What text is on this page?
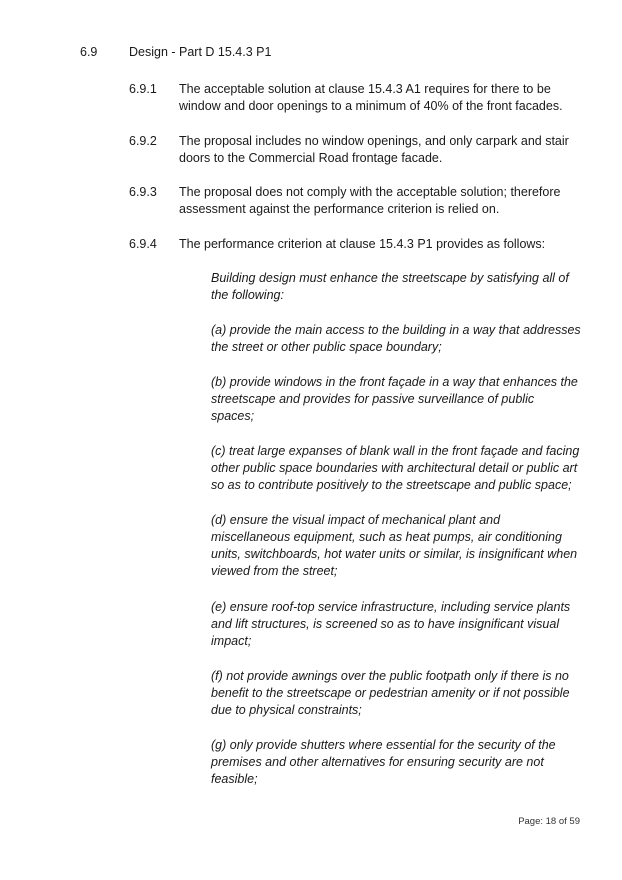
6.9	Design - Part D 15.4.3 P1
6.9.1 The acceptable solution at clause 15.4.3 A1 requires for there to be
window and door openings to a minimum of 40% of the front facades.
6.9.2 The proposal includes no window openings, and only carpark and stair
doors to the Commercial Road frontage facade.
6.9.3 The proposal does not comply with the acceptable solution; therefore
assessment against the performance criterion is relied on.
6.9.4 The performance criterion at clause 15.4.3 P1 provides as follows:
Building design must enhance the streetscape by satisfying all of
the following:
(a) provide the main access to the building in a way that addresses
the street or other public space boundary;
(b) provide windows in the front façade in a way that enhances the
streetscape and provides for passive surveillance of public
spaces;
(c) treat large expanses of blank wall in the front façade and facing
other public space boundaries with architectural detail or public art
so as to contribute positively to the streetscape and public space;
(d) ensure the visual impact of mechanical plant and
miscellaneous equipment, such as heat pumps, air conditioning
units, switchboards, hot water units or similar, is insignificant when
viewed from the street;
(e) ensure roof-top service infrastructure, including service plants
and lift structures, is screened so as to have insignificant visual
impact;
(f) not provide awnings over the public footpath only if there is no
benefit to the streetscape or pedestrian amenity or if not possible
due to physical constraints;
(g) only provide shutters where essential for the security of the
premises and other alternatives for ensuring security are not
feasible;
Page: 18 of 59
